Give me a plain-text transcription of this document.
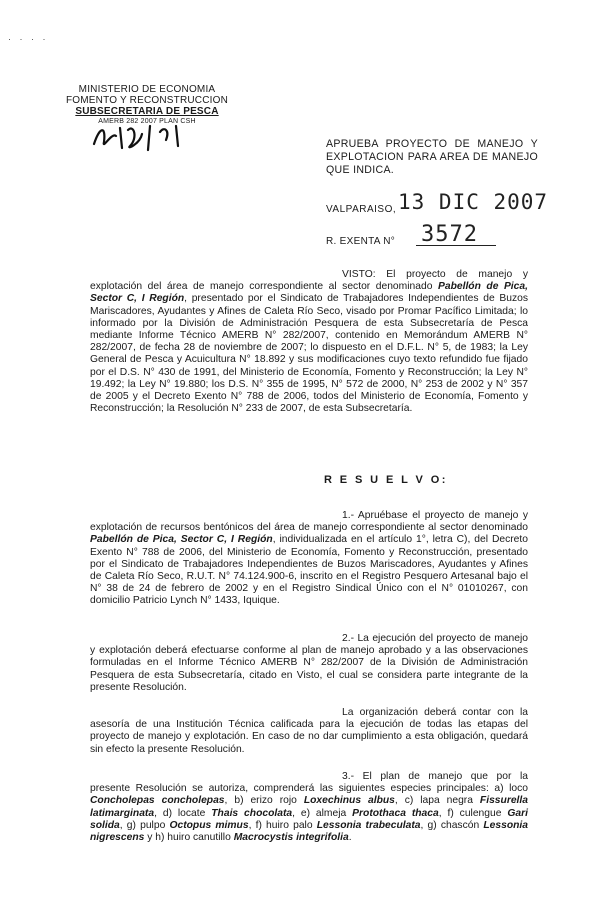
· · · ·
MINISTERIO DE ECONOMIA
FOMENTO Y RECONSTRUCCION
SUBSECRETARIA DE PESCA
AMERB 282 2007 PLAN CSH
APRUEBA PROYECTO DE MANEJO Y EXPLOTACION PARA AREA DE MANEJO QUE INDICA.
VALPARAISO, 13 DIC 2007
R. EXENTA N° 3572
VISTO: El proyecto de manejo y explotación del área de manejo correspondiente al sector denominado Pabellón de Pica, Sector C, I Región, presentado por el Sindicato de Trabajadores Independientes de Buzos Mariscadores, Ayudantes y Afines de Caleta Río Seco, visado por Promar Pacífico Limitada; lo informado por la División de Administración Pesquera de esta Subsecretaría de Pesca mediante Informe Técnico AMERB N° 282/2007, contenido en Memorándum AMERB N° 282/2007, de fecha 28 de noviembre de 2007; lo dispuesto en el D.F.L. N° 5, de 1983; la Ley General de Pesca y Acuicultura N° 18.892 y sus modificaciones cuyo texto refundido fue fijado por el D.S. N° 430 de 1991, del Ministerio de Economía, Fomento y Reconstrucción; la Ley N° 19.492; la Ley N° 19.880; los D.S. N° 355 de 1995, N° 572 de 2000, N° 253 de 2002 y N° 357 de 2005 y el Decreto Exento N° 788 de 2006, todos del Ministerio de Economía, Fomento y Reconstrucción; la Resolución N° 233 de 2007, de esta Subsecretaría.
R E S U E L V O:
1.- Apruébase el proyecto de manejo y explotación de recursos bentónicos del área de manejo correspondiente al sector denominado Pabellón de Pica, Sector C, I Región, individualizada en el artículo 1°, letra C), del Decreto Exento N° 788 de 2006, del Ministerio de Economía, Fomento y Reconstrucción, presentado por el Sindicato de Trabajadores Independientes de Buzos Mariscadores, Ayudantes y Afines de Caleta Río Seco, R.U.T. N° 74.124.900-6, inscrito en el Registro Pesquero Artesanal bajo el N° 38 de 24 de febrero de 2002 y en el Registro Sindical Único con el N° 01010267, con domicilio Patricio Lynch N° 1433, Iquique.
2.- La ejecución del proyecto de manejo y explotación deberá efectuarse conforme al plan de manejo aprobado y a las observaciones formuladas en el Informe Técnico AMERB N° 282/2007 de la División de Administración Pesquera de esta Subsecretaría, citado en Visto, el cual se considera parte integrante de la presente Resolución.
La organización deberá contar con la asesoría de una Institución Técnica calificada para la ejecución de todas las etapas del proyecto de manejo y explotación. En caso de no dar cumplimiento a esta obligación, quedará sin efecto la presente Resolución.
3.- El plan de manejo que por la presente Resolución se autoriza, comprenderá las siguientes especies principales: a) loco Concholepas concholepas, b) erizo rojo Loxechinus albus, c) lapa negra Fissurella latimarginata, d) locate Thais chocolata, e) almeja Protothaca thaca, f) culengue Gari solida, g) pulpo Octopus mimus, f) huiro palo Lessonia trabeculata, g) chascón Lessonia nigrescens y h) huiro canutillo Macrocystis integrifolia.
